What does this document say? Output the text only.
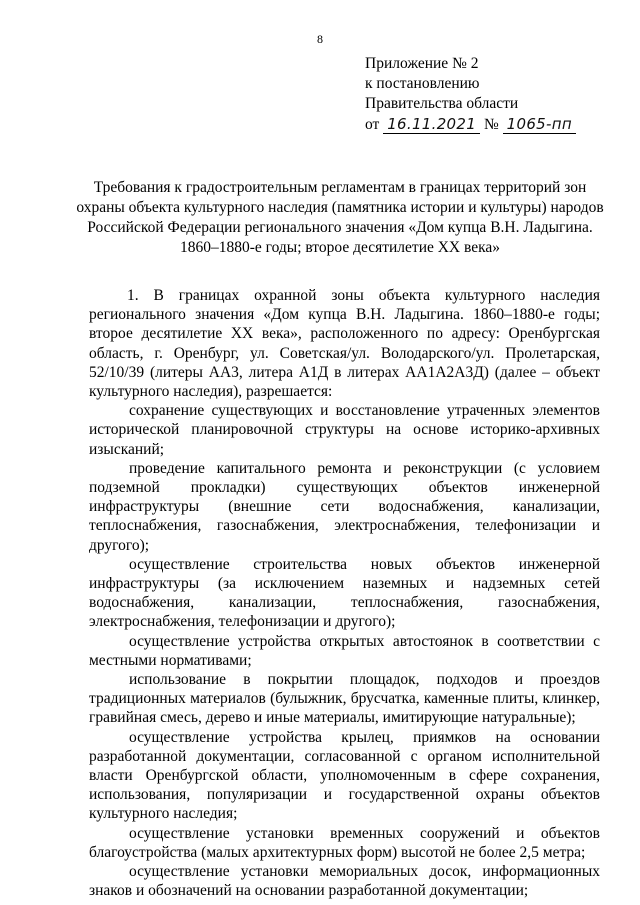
8
Приложение № 2
к постановлению
Правительства области
от 16.11.2021 № 1065-пп
Требования к градостроительным регламентам в границах территорий зон охраны объекта культурного наследия (памятника истории и культуры) народов Российской Федерации регионального значения «Дом купца В.Н. Ладыгина. 1860–1880-е годы; второе десятилетие XX века»

1. В границах охранной зоны объекта культурного наследия регионального значения «Дом купца В.Н. Ладыгина. 1860–1880-е годы; второе десятилетие XX века», расположенного по адресу: Оренбургская область, г. Оренбург, ул. Советская/ул. Володарского/ул. Пролетарская, 52/10/39 (литеры АА3, литера А1Д в литерах АА1А2А3Д) (далее – объект культурного наследия), разрешается:

сохранение существующих и восстановление утраченных элементов исторической планировочной структуры на основе историко-архивных изысканий;

проведение капитального ремонта и реконструкции (с условием подземной прокладки) существующих объектов инженерной инфраструктуры (внешние сети водоснабжения, канализации, теплоснабжения, газоснабжения, электроснабжения, телефонизации и другого);

осуществление строительства новых объектов инженерной инфраструктуры (за исключением наземных и надземных сетей водоснабжения, канализации, теплоснабжения, газоснабжения, электроснабжения, телефонизации и другого);

осуществление устройства открытых автостоянок в соответствии с местными нормативами;

использование в покрытии площадок, подходов и проездов традиционных материалов (булыжник, брусчатка, каменные плиты, клинкер, гравийная смесь, дерево и иные материалы, имитирующие натуральные);

осуществление устройства крылец, приямков на основании разработанной документации, согласованной с органом исполнительной власти Оренбургской области, уполномоченным в сфере сохранения, использования, популяризации и государственной охраны объектов культурного наследия;

осуществление установки временных сооружений и объектов благоустройства (малых архитектурных форм) высотой не более 2,5 метра;

осуществление установки мемориальных досок, информационных знаков и обозначений на основании разработанной документации;
